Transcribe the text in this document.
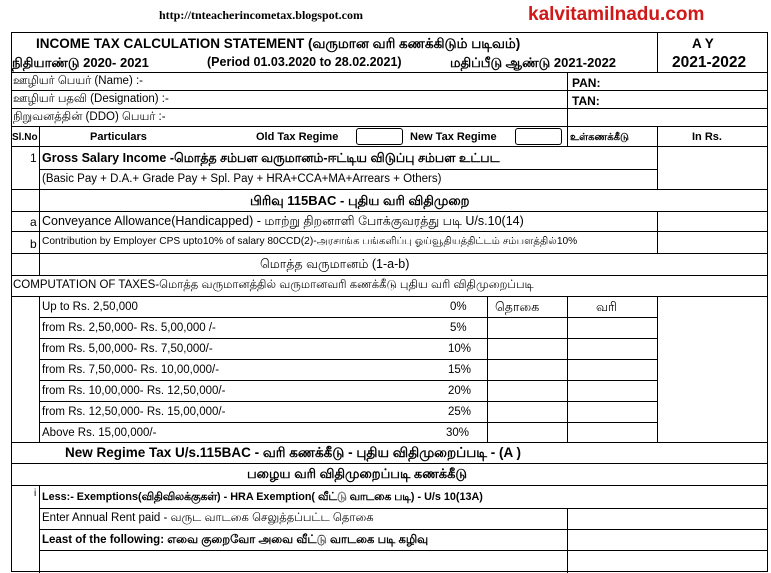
http://tnteacherincometax.blogspot.com	kalvitamilnadu.com
INCOME TAX CALCULATION STATEMENT (வருமான வரி கணக்கிடும் படிவம்)
நிதியாண்டு 2020- 2021	(Period 01.03.2020 to 28.02.2021)	மதிப்பீடு ஆண்டு 2021-2022
A Y
2021-2022
ஊழியர் பெயர் (Name) :-	PAN:
ஊழியர் பதவி (Designation) :-	TAN:
நிறுவனத்தின் (DDO) பெயர் :-
Sl.No	Particulars	Old Tax Regime	New Tax Regime	உள்கணக்கீடு	In Rs.
1 Gross Salary Income -மொத்த சம்பள வருமானம்-ஈட்டிய விடுப்பு சம்பள உட்பட
(Basic Pay + D.A.+ Grade Pay + Spl. Pay + HRA+CCA+MA+Arrears + Others)
பிரிவு 115BAC - புதிய வரி விதிமுறை
a Conveyance Allowance(Handicapped) - மாற்று திறனாளி போக்குவரத்து படி U/s.10(14)
b Contribution by Employer CPS upto10% of salary 80CCD(2)-அரசாங்க பங்களிப்பு ஓய்வூதியத்திட்டம் சம்பளத்தில்10%
மொத்த வருமானம் (1-a-b)
COMPUTATION OF TAXES-மொத்த வருமானத்தில் வருமானவரி கணக்கீடு புதிய வரி விதிமுறைப்படி
தொகை	வரி
Up to Rs. 2,50,000	0%
from Rs. 2,50,000- Rs. 5,00,000 /-	5%
from Rs. 5,00,000- Rs. 7,50,000/-	10%
from Rs. 7,50,000- Rs. 10,00,000/-	15%
from Rs. 10,00,000- Rs. 12,50,000/-	20%
from Rs. 12,50,000- Rs. 15,00,000/-	25%
Above Rs. 15,00,000/-	30%
New Regime Tax U/s.115BAC - வரி கணக்கீடு - புதிய விதிமுறைப்படி - (A )
பழைய வரி விதிமுறைப்படி கணக்கீடு
i Less:- Exemptions(விதிவிலக்குகள்) - HRA Exemption( வீட்டு வாடகை படி) - U/s 10(13A)
Enter Annual Rent paid - வருட வாடகை செலுத்தப்பட்ட தொகை
Least of the following: எவை குறைவோ அவை வீட்டு வாடகை படி கழிவு
